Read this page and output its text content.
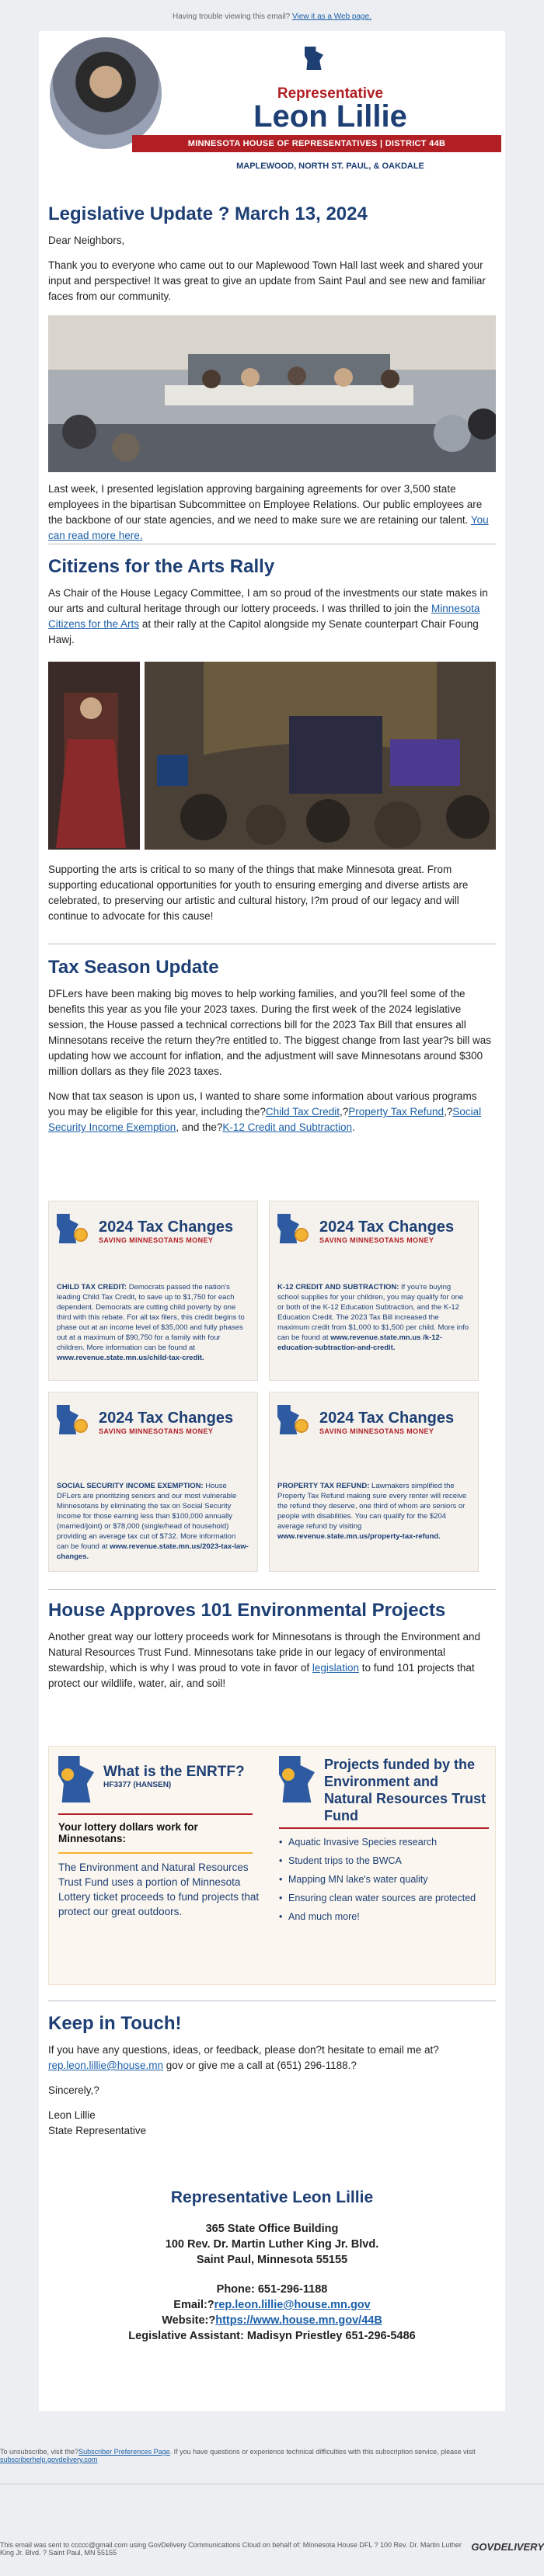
Having trouble viewing this email?
View it as a Web page.
Representative
Leon Lillie
MINNESOTA HOUSE OF REPRESENTATIVES | DISTRICT 44B
MAPLEWOOD, NORTH ST. PAUL, & OAKDALE
Legislative Update ? March 13, 2024

Dear Neighbors,

Thank you to everyone who came out to our Maplewood Town Hall last week and shared your input and perspective! It was great to give an update from Saint Paul and see new and familiar faces from our community.

Last week, I presented legislation approving bargaining agreements for over 3,500 state employees in the bipartisan Subcommittee on Employee Relations. Our public employees are the backbone of our state agencies, and we need to make sure we are retaining our talent. You can read more here.

Citizens for the Arts Rally

As Chair of the House Legacy Committee, I am so proud of the investments our state makes in our arts and cultural heritage through our lottery proceeds. I was thrilled to join the Minnesota Citizens for the Arts at their rally at the Capitol alongside my Senate counterpart Chair Foung Hawj.

Supporting the arts is critical to so many of the things that make Minnesota great. From supporting educational opportunities for youth to ensuring emerging and diverse artists are celebrated, to preserving our artistic and cultural history, I?m proud of our legacy and will continue to advocate for this cause!

Tax Season Update

DFLers have been making big moves to help working families, and you?ll feel some of the benefits this year as you file your 2023 taxes. During the first week of the 2024 legislative session, the House passed a technical corrections bill for the 2023 Tax Bill that ensures all Minnesotans receive the return they?re entitled to. The biggest change from last year?s bill was updating how we account for inflation, and the adjustment will save Minnesotans around $300 million dollars as they file 2023 taxes.

Now that tax season is upon us, I wanted to share some information about various programs you may be eligible for this year, including the?Child Tax Credit,?Property Tax Refund,?Social Security Income Exemption, and the?K-12 Credit and Subtraction.

2024 Tax Changes
SAVING MINNESOTANS MONEY
CHILD TAX CREDIT: Democrats passed the nation's leading Child Tax Credit, to save up to $1,750 for each dependent. Democrats are cutting child poverty by one third with this rebate. For all tax filers, this credit begins to phase out at an income level of $35,000 and fully phases out at a maximum of $90,750 for a family with four children. More information can be found at www.revenue.state.mn.us/child-tax-credit.
2024 Tax Changes
SAVING MINNESOTANS MONEY
K-12 CREDIT AND SUBTRACTION: If you're buying school supplies for your children, you may qualify for one or both of the K-12 Education Subtraction, and the K-12 Education Credit. The 2023 Tax Bill increased the maximum credit from $1,000 to $1,500 per child. More info can be found at www.revenue.state.mn.us /k-12-education-subtraction-and-credit.
2024 Tax Changes
SAVING MINNESOTANS MONEY
SOCIAL SECURITY INCOME EXEMPTION: House DFLers are prioritizing seniors and our most vulnerable Minnesotans by eliminating the tax on Social Security Income for those earning less than $100,000 annually (married/joint) or $78,000 (single/head of household) providing an average tax cut of $732. More information can be found at www.revenue.state.mn.us/2023-tax-law-changes.
2024 Tax Changes
SAVING MINNESOTANS MONEY
PROPERTY TAX REFUND: Lawmakers simplified the Property Tax Refund making sure every renter will receive the refund they deserve, one third of whom are seniors or people with disabilities. You can qualify for the $204 average refund by visiting www.revenue.state.mn.us/property-tax-refund.
House Approves 101 Environmental Projects

Another great way our lottery proceeds work for Minnesotans is through the Environment and Natural Resources Trust Fund. Minnesotans take pride in our legacy of environmental stewardship, which is why I was proud to vote in favor of legislation to fund 101 projects that protect our wildlife, water, air, and soil!

What is the ENRTF?
HF3377 (HANSEN)
Your lottery dollars work for Minnesotans:
The Environment and Natural Resources Trust Fund uses a portion of Minnesota Lottery ticket proceeds to fund projects that protect our great outdoors.
Projects funded by the Environment and Natural Resources Trust Fund
• Aquatic Invasive Species research
• Student trips to the BWCA
• Mapping MN lake's water quality
• Ensuring clean water sources are protected
• And much more!
Keep in Touch!

If you have any questions, ideas, or feedback, please don?t hesitate to email me at?rep.leon.lillie@house.mn gov or give me a call at (651) 296-1188.?

Sincerely,?

Leon Lillie

State Representative

Representative Leon Lillie
365 State Office Building
100 Rev. Dr. Martin Luther King Jr. Blvd.
Saint Paul, Minnesota 55155
Phone: 651-296-1188
Email:?rep.leon.lillie@house.mn.gov
Website:?https://www.house.mn.gov/44B
Legislative Assistant: Madisyn Priestley 651-296-5486
To unsubscribe, visit the?Subscriber Preferences Page. If you have questions or experience technical difficulties with this subscription service, please visit
subscriberhelp.govdelivery.com
This email was sent to ccccc@gmail.com using GovDelivery Communications Cloud on behalf of: Minnesota House DFL ? 100 Rev. Dr. Martin Luther King Jr. Blvd. ? Saint Paul, MN 55155	GOVDELIVERY
